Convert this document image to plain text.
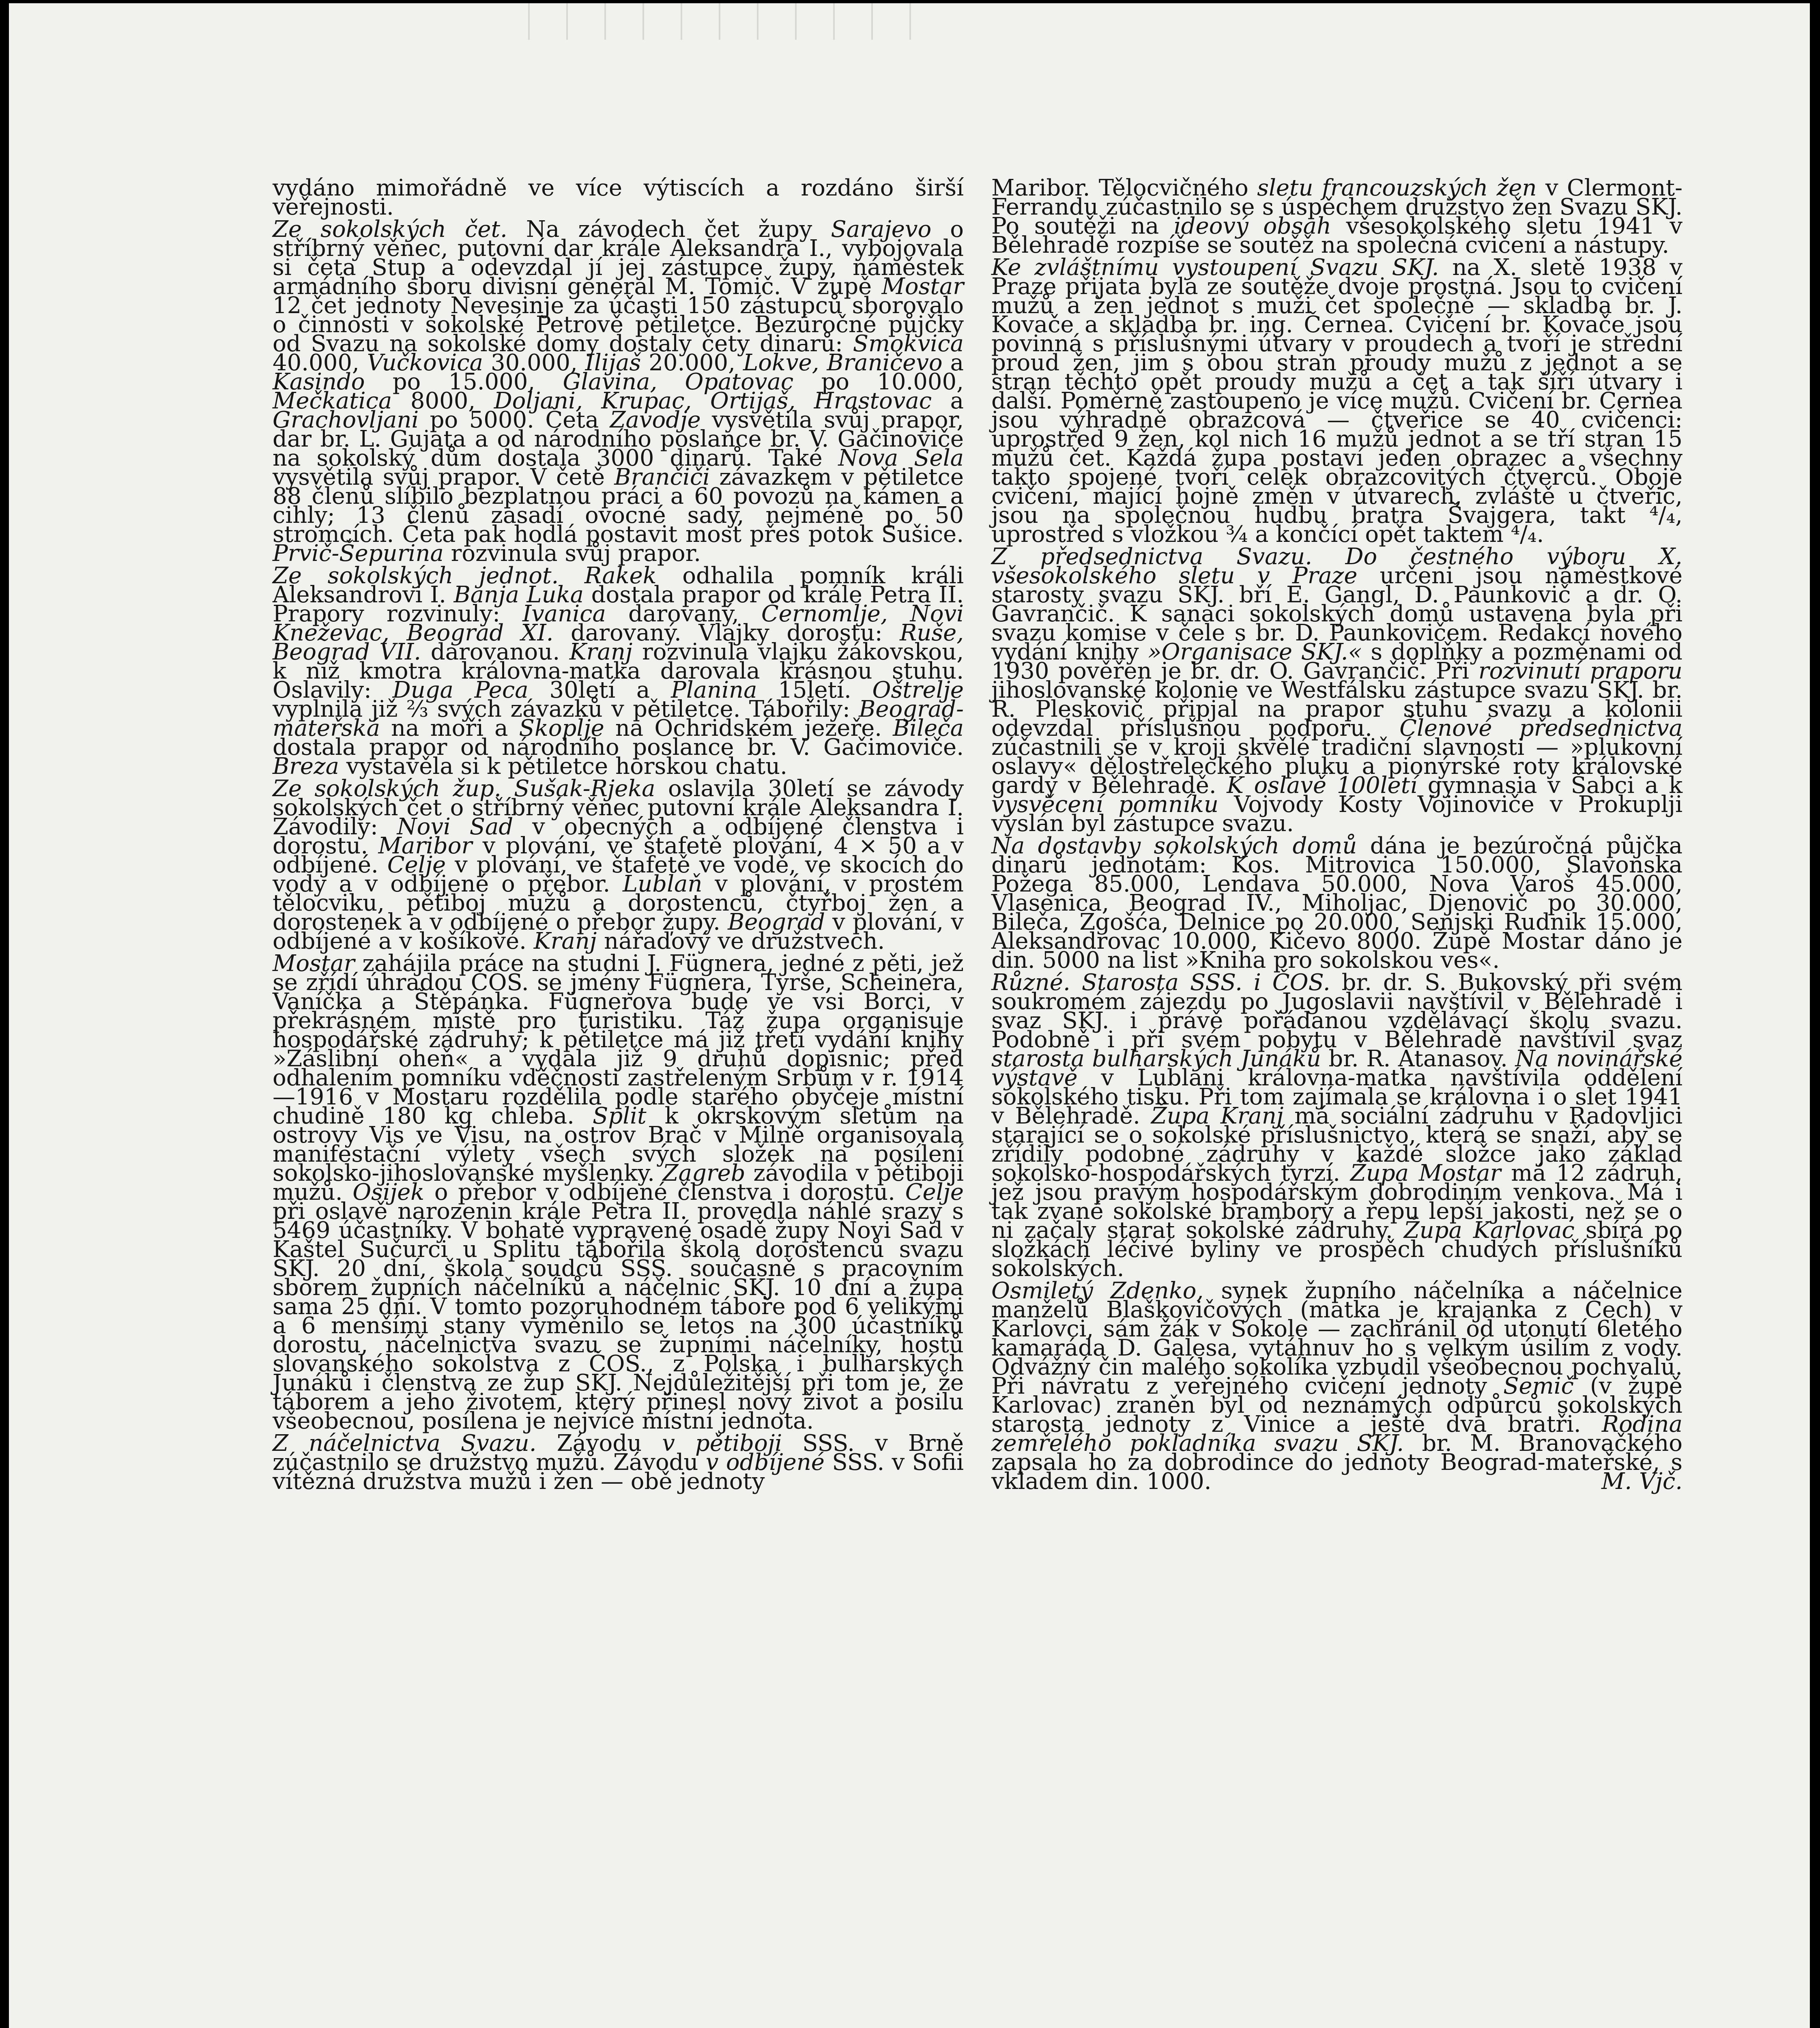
vydáno mimořádně ve více výtiscích a rozdáno širší veřejnosti.

Ze sokolských čet. Na závodech čet župy Sarajevo o stříbrný věnec, putovní dar krále Aleksandra I., vybojovala si četa Stup a odevzdal jí jej zástupce župy, náměstek armádního sboru divisní generál M. Tomič. V župě Mostar 12 čet jednoty Nevesinje za účasti 150 zástupců sborovalo o činnosti v sokolské Petrově pětiletce. Bezúročné půjčky od Svazu na sokolské domy dostaly čety dinarů: Smokvica 40.000, Vučkovica 30.000, Ilijaš 20.000, Lokve, Braničevo a Kasindo po 15.000, Glavina, Opatovac po 10.000, Mečkatica 8000, Doljani, Krupac, Ortijaš, Hrastovac a Grachovljani po 5000. Četa Zavodje vysvětila svůj prapor, dar br. L. Gujata a od národního poslance br. V. Gačinoviče na sokolský dům dostala 3000 dinarů. Také Nova Sela vysvětila svůj prapor. V četě Brančiči závazkem v pětiletce 88 členů slíbilo bezplatnou práci a 60 povozů na kámen a cihly; 13 členů zasadí ovocné sady, nejméně po 50 stromcích. Četa pak hodlá postavit most přes potok Sušice. Prvič-Šepurina rozvinula svůj prapor.

Ze sokolských jednot. Rakek odhalila pomník králi Aleksandrovi I. Banja Luka dostala prapor od krále Petra II. Prapory rozvinuly: Ivanica darovaný, Černomlje, Novi Kneževac, Beograd XI. darovaný. Vlajky dorostu: Ruše, Beograd VII. darovanou. Kranj rozvinula vlajku žákovskou, k níž kmotra královna-matka darovala krásnou stuhu. Oslavily: Duga Peca 30letí a Planina 15letí. Oštrelje vyplnila již ⅔ svých závazků v pětiletce. Tábořily: Beograd-mateřská na moři a Skoplje na Ochridském jezeře. Bileča dostala prapor od národního poslance br. V. Gačimoviče. Breza vystavěla si k pětiletce horskou chatu.

Ze sokolských žup. Sušak-Rjeka oslavila 30letí se závody sokolských čet o stříbrný věnec putovní krále Aleksandra I. Závodily: Novi Sad v obecných a odbíjené členstva i dorostu. Maribor v plování, ve štafetě plování, 4 × 50 a v odbíjené. Celje v plování, ve štafetě ve vodě, ve skocích do vody a v odbíjené o přebor. Lublaň v plování, v prostém tělocviku, pětiboj mužů a dorostenců, čtyřboj žen a dorostenek a v odbíjené o přebor župy. Beograd v plování, v odbíjené a v košíkové. Kranj nářaďový ve družstvech.

Mostar zahájila práce na studni J. Fügnera, jedné z pěti, jež se zřídí úhradou ČOS. se jmény Fügnera, Tyrše, Scheinera, Vaníčka a Štěpánka. Fügnerova bude ve vsi Borci, v překrásném místě pro turistiku. Táž župa organisuje hospodářské zádruhy; k pětiletce má již třetí vydání knihy »Záslibní oheň« a vydala již 9 druhů dopisnic; před odhalením pomníku vděčnosti zastřeleným Srbům v r. 1914—1916 v Mostaru rozdělila podle starého obyčeje místní chudině 180 kg chleba. Split k okrskovým sletům na ostrovy Vis ve Visu, na ostrov Brač v Milně organisovala manifestační výlety všech svých složek na posílení sokolsko-jihoslovanské myšlenky. Zagreb závodila v pětiboji mužů. Osijek o přebor v odbíjené členstva i dorostu. Celje při oslavě narozenin krále Petra II. provedla náhlé srazy s 5469 účastníky. V bohatě vypravené osadě župy Novi Sad v Kaštel Sučurci u Splitu tábořila škola dorostenců svazu SKJ. 20 dní, škola soudců SSS. současně s pracovním sborem župních náčelníků a náčelnic SKJ. 10 dní a župa sama 25 dní. V tomto pozoruhodném táboře pod 6 velikými a 6 menšími stany vyměnilo se letos na 300 účastníků dorostu, náčelnictva svazu se župními náčelníky, hostů slovanského sokolstva z ČOS., z Polska i bulharských Junáků i členstva ze žup SKJ. Nejdůležitější při tom je, že táborem a jeho životem, který přinesl nový život a posilu všeobecnou, posílena je nejvíce místní jednota.

Z náčelnictva Svazu. Závodu v pětiboji SSS. v Brně zúčastnilo se družstvo mužů. Závodu v odbíjené SSS. v Sofii vítězná družstva mužů i žen — obě jednoty

Maribor. Tělocvičného sletu francouzských žen v Clermont-Ferrandu zúčastnilo se s úspěchem družstvo žen Svazu SKJ. Po soutěži na ideový obsah všesokolského sletu 1941 v Bělehradě rozpíše se soutěž na společná cvičení a nástupy.

Ke zvláštnímu vystoupení Svazu SKJ. na X. sletě 1938 v Praze přijata byla ze soutěže dvoje prostná. Jsou to cvičení mužů a žen jednot s muži čet společně — skladba br. J. Kovače a skladba br. ing. Černea. Cvičení br. Kovače jsou povinná s příslušnými útvary v proudech a tvoří je střední proud žen, jim s obou stran proudy mužů z jednot a se stran těchto opět proudy mužů a čet a tak šíří útvary i další. Poměrně zastoupeno je více mužů. Cvičení br. Černea jsou výhradně obrazcová — čtveřice se 40 cvičenci: uprostřed 9 žen, kol nich 16 mužů jednot a se tří stran 15 mužů čet. Každá župa postaví jeden obrazec a všechny takto spojené tvoří celek obrazcovitých čtverců. Oboje cvičení, mající hojně změn v útvarech, zvláště u čtveřic, jsou na společnou hudbu bratra Švajgera, takt ⁴/₄, uprostřed s vložkou ¾ a končící opět taktem ⁴/₄.

Z předsednictva Svazu. Do čestného výboru X. všesokolského sletu v Praze určeni jsou náměstkové starosty svazu SKJ. bří E. Gangl, D. Paunkovič a dr. O. Gavrančič. K sanaci sokolských domů ustavena byla při svazu komise v čele s br. D. Paunkovičem. Redakcí nového vydání knihy »Organisace SKJ.« s doplňky a pozměnami od 1930 pověřen je br. dr. O. Gavrančič. Při rozvinutí praporu jihoslovanské kolonie ve Westfálsku zástupce svazu SKJ. br. R. Pleskovič připjal na prapor stuhu svazu a kolonii odevzdal příslušnou podporu. Členové předsednictva zúčastnili se v kroji skvělé tradiční slavnosti — »plukovní oslavy« dělostřeleckého pluku a pionýrské roty královské gardy v Bělehradě. K oslavě 100letí gymnasia v Šabci a k vysvěcení pomníku Vojvody Kosty Vojinoviče v Prokuplji vyslán byl zástupce svazu.

Na dostavby sokolských domů dána je bezúročná půjčka dinarů jednotám: Kos. Mitrovica 150.000, Slavonska Požega 85.000, Lendava 50.000, Nova Varoš 45.000, Vlasenica, Beograd IV., Miholjac, Djenovič po 30.000, Bileča, Zgošća, Delnice po 20.000, Senjski Rudnik 15.000, Aleksandrovac 10.000, Kičevo 8000. Župě Mostar dáno je din. 5000 na list »Kniha pro sokolskou ves«.

Různé. Starosta SSS. i ČOS. br. dr. S. Bukovský při svém soukromém zájezdu po Jugoslavii navštívil v Bělehradě i svaz SKJ. i právě pořádanou vzdělávací školu svazu. Podobně i při svém pobytu v Bělehradě navštívil svaz starosta bulharských Junáků br. R. Atanasov. Na novinářské výstavě v Lublani královna-matka navštívila oddělení sokolského tisku. Při tom zajímala se královna i o slet 1941 v Bělehradě. Župa Kranj má sociální zádruhu v Radovljici starající se o sokolské příslušnictvo, která se snaží, aby se zřídily podobné zádruhy v každé složce jako základ sokolsko-hospodářských tvrzí. Župa Mostar má 12 zádruh, jež jsou pravým hospodářským dobrodiním venkova. Má i tak zvané sokolské brambory a řepu lepší jakosti, než se o ni začaly starat sokolské zádruhy. Župa Karlovac sbírá po složkách léčivé byliny ve prospěch chudých příslušníků sokolských.

Osmiletý Zdenko, synek župního náčelníka a náčelnice manželů Blaškovičových (matka je krajanka z Čech) v Karlovci, sám žák v Sokole — zachránil od utonutí 6letého kamaráda D. Galesa, vytáhnuv ho s velkým úsilím z vody. Odvážný čin malého sokolíka vzbudil všeobecnou pochvalu. Při návratu z veřejného cvičení jednoty Semič (v župě Karlovac) zraněn byl od neznámých odpůrců sokolských starosta jednoty z Vinice a ještě dva bratři. Rodina zemřelého pokladníka svazu SKJ. br. M. Branovačkého zapsala ho za dobrodince do jednoty Beograd-mateřské, s vkladem din. 1000.	M. Vjč.
